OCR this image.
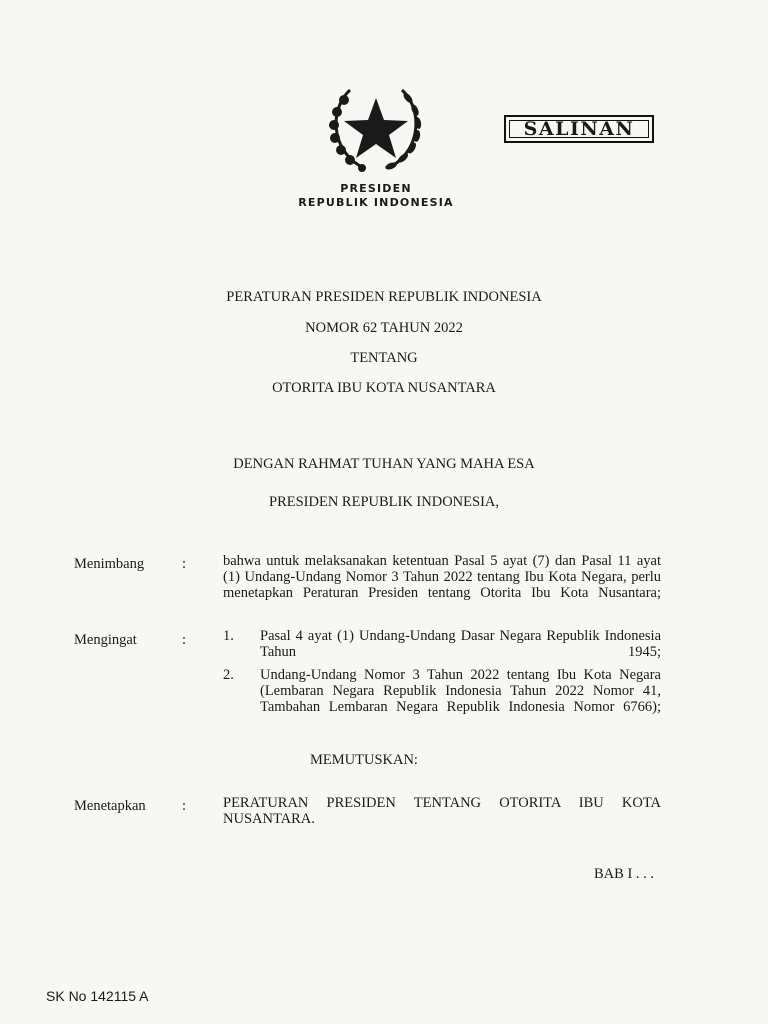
SALINAN
PRESIDEN
REPUBLIK INDONESIA
PERATURAN PRESIDEN REPUBLIK INDONESIA
NOMOR 62 TAHUN 2022
TENTANG
OTORITA IBU KOTA NUSANTARA
DENGAN RAHMAT TUHAN YANG MAHA ESA
PRESIDEN REPUBLIK INDONESIA,
Menimbang	:	bahwa untuk melaksanakan ketentuan Pasal 5 ayat (7) dan Pasal 11 ayat (1) Undang-Undang Nomor 3 Tahun 2022 tentang Ibu Kota Negara, perlu menetapkan Peraturan Presiden tentang Otorita Ibu Kota Nusantara;
Mengingat	:	1. Pasal 4 ayat (1) Undang-Undang Dasar Negara Republik Indonesia Tahun 1945;
2. Undang-Undang Nomor 3 Tahun 2022 tentang Ibu Kota Negara (Lembaran Negara Republik Indonesia Tahun 2022 Nomor 41, Tambahan Lembaran Negara Republik Indonesia Nomor 6766);
MEMUTUSKAN:
Menetapkan	:	PERATURAN PRESIDEN TENTANG OTORITA IBU KOTA NUSANTARA.
BAB I . . .
SK No 142115 A
